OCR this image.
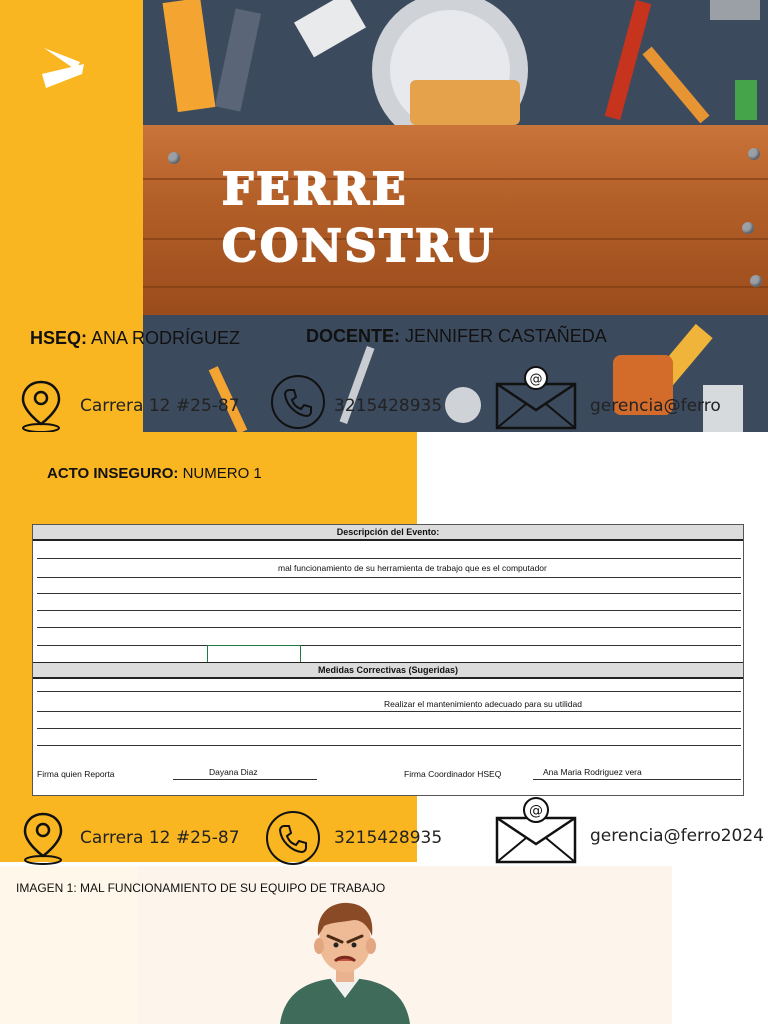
FERRE
CONSTRU
HSEQ: ANA RODRÍGUEZ	DOCENTE: JENNIFER CASTAÑEDA
Carrera 12 #25-87	3215428935
@
gerencia@ferro
ACTO INSEGURO: NUMERO 1
Descripción del Evento:
mal funcionamiento de su herramienta de trabajo que es el computador
Medidas Correctivas (Sugeridas)
Realizar el mantenimiento adecuado para su utilidad
Firma quien Reporta	Dayana Diaz	Firma Coordinador HSEQ	Ana Maria Rodriguez vera
Carrera 12 #25-87	3215428935
@
gerencia@ferro2024
IMAGEN 1: MAL FUNCIONAMIENTO DE SU EQUIPO DE TRABAJO
